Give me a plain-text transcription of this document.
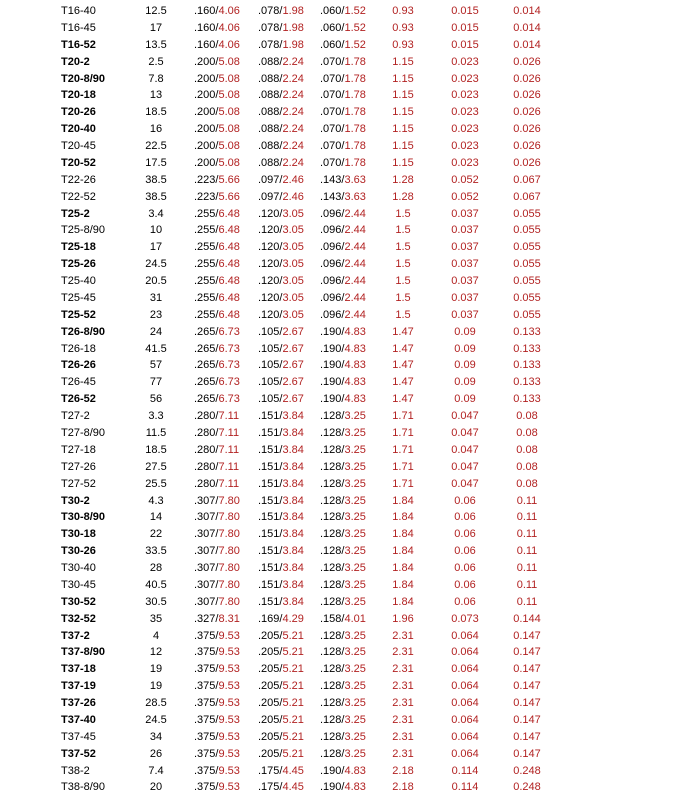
T16-40	12.5	.160/4.06 .078/1.98 .060/1.52	0.93	0.015	0.014
T16-45	17	.160/4.06 .078/1.98 .060/1.52	0.93	0.015	0.014
T16-52	13.5	.160/4.06 .078/1.98 .060/1.52	0.93	0.015	0.014
T20-2	2.5	.200/5.08 .088/2.24 .070/1.78	1.15	0.023	0.026
T20-8/90	7.8	.200/5.08 .088/2.24 .070/1.78	1.15	0.023	0.026
T20-18	13	.200/5.08 .088/2.24 .070/1.78	1.15	0.023	0.026
T20-26	18.5	.200/5.08 .088/2.24 .070/1.78	1.15	0.023	0.026
T20-40	16	.200/5.08 .088/2.24 .070/1.78	1.15	0.023	0.026
T20-45	22.5	.200/5.08 .088/2.24 .070/1.78	1.15	0.023	0.026
T20-52	17.5	.200/5.08 .088/2.24 .070/1.78	1.15	0.023	0.026
T22-26	38.5	.223/5.66 .097/2.46 .143/3.63	1.28	0.052	0.067
T22-52	38.5	.223/5.66 .097/2.46 .143/3.63	1.28	0.052	0.067
T25-2	3.4	.255/6.48 .120/3.05 .096/2.44	1.5	0.037	0.055
T25-8/90	10	.255/6.48 .120/3.05 .096/2.44	1.5	0.037	0.055
T25-18	17	.255/6.48 .120/3.05 .096/2.44	1.5	0.037	0.055
T25-26	24.5	.255/6.48 .120/3.05 .096/2.44	1.5	0.037	0.055
T25-40	20.5	.255/6.48 .120/3.05 .096/2.44	1.5	0.037	0.055
T25-45	31	.255/6.48 .120/3.05 .096/2.44	1.5	0.037	0.055
T25-52	23	.255/6.48 .120/3.05 .096/2.44	1.5	0.037	0.055
T26-8/90	24	.265/6.73 .105/2.67 .190/4.83	1.47	0.09	0.133
T26-18	41.5	.265/6.73 .105/2.67 .190/4.83	1.47	0.09	0.133
T26-26	57	.265/6.73 .105/2.67 .190/4.83	1.47	0.09	0.133
T26-45	77	.265/6.73 .105/2.67 .190/4.83	1.47	0.09	0.133
T26-52	56	.265/6.73 .105/2.67 .190/4.83	1.47	0.09	0.133
T27-2	3.3	.280/7.11 .151/3.84 .128/3.25	1.71	0.047	0.08
T27-8/90	11.5	.280/7.11 .151/3.84 .128/3.25	1.71	0.047	0.08
T27-18	18.5	.280/7.11 .151/3.84 .128/3.25	1.71	0.047	0.08
T27-26	27.5	.280/7.11 .151/3.84 .128/3.25	1.71	0.047	0.08
T27-52	25.5	.280/7.11 .151/3.84 .128/3.25	1.71	0.047	0.08
T30-2	4.3	.307/7.80 .151/3.84 .128/3.25	1.84	0.06	0.11
T30-8/90	14	.307/7.80 .151/3.84 .128/3.25	1.84	0.06	0.11
T30-18	22	.307/7.80 .151/3.84 .128/3.25	1.84	0.06	0.11
T30-26	33.5	.307/7.80 .151/3.84 .128/3.25	1.84	0.06	0.11
T30-40	28	.307/7.80 .151/3.84 .128/3.25	1.84	0.06	0.11
T30-45	40.5	.307/7.80 .151/3.84 .128/3.25	1.84	0.06	0.11
T30-52	30.5	.307/7.80 .151/3.84 .128/3.25	1.84	0.06	0.11
T32-52	35	.327/8.31 .169/4.29 .158/4.01	1.96	0.073	0.144
T37-2	4	.375/9.53 .205/5.21 .128/3.25	2.31	0.064	0.147
T37-8/90	12	.375/9.53 .205/5.21 .128/3.25	2.31	0.064	0.147
T37-18	19	.375/9.53 .205/5.21 .128/3.25	2.31	0.064	0.147
T37-19	19	.375/9.53 .205/5.21 .128/3.25	2.31	0.064	0.147
T37-26	28.5	.375/9.53 .205/5.21 .128/3.25	2.31	0.064	0.147
T37-40	24.5	.375/9.53 .205/5.21 .128/3.25	2.31	0.064	0.147
T37-45	34	.375/9.53 .205/5.21 .128/3.25	2.31	0.064	0.147
T37-52	26	.375/9.53 .205/5.21 .128/3.25	2.31	0.064	0.147
T38-2	7.4	.375/9.53 .175/4.45 .190/4.83	2.18	0.114	0.248
T38-8/90	20	.375/9.53 .175/4.45 .190/4.83	2.18	0.114	0.248
